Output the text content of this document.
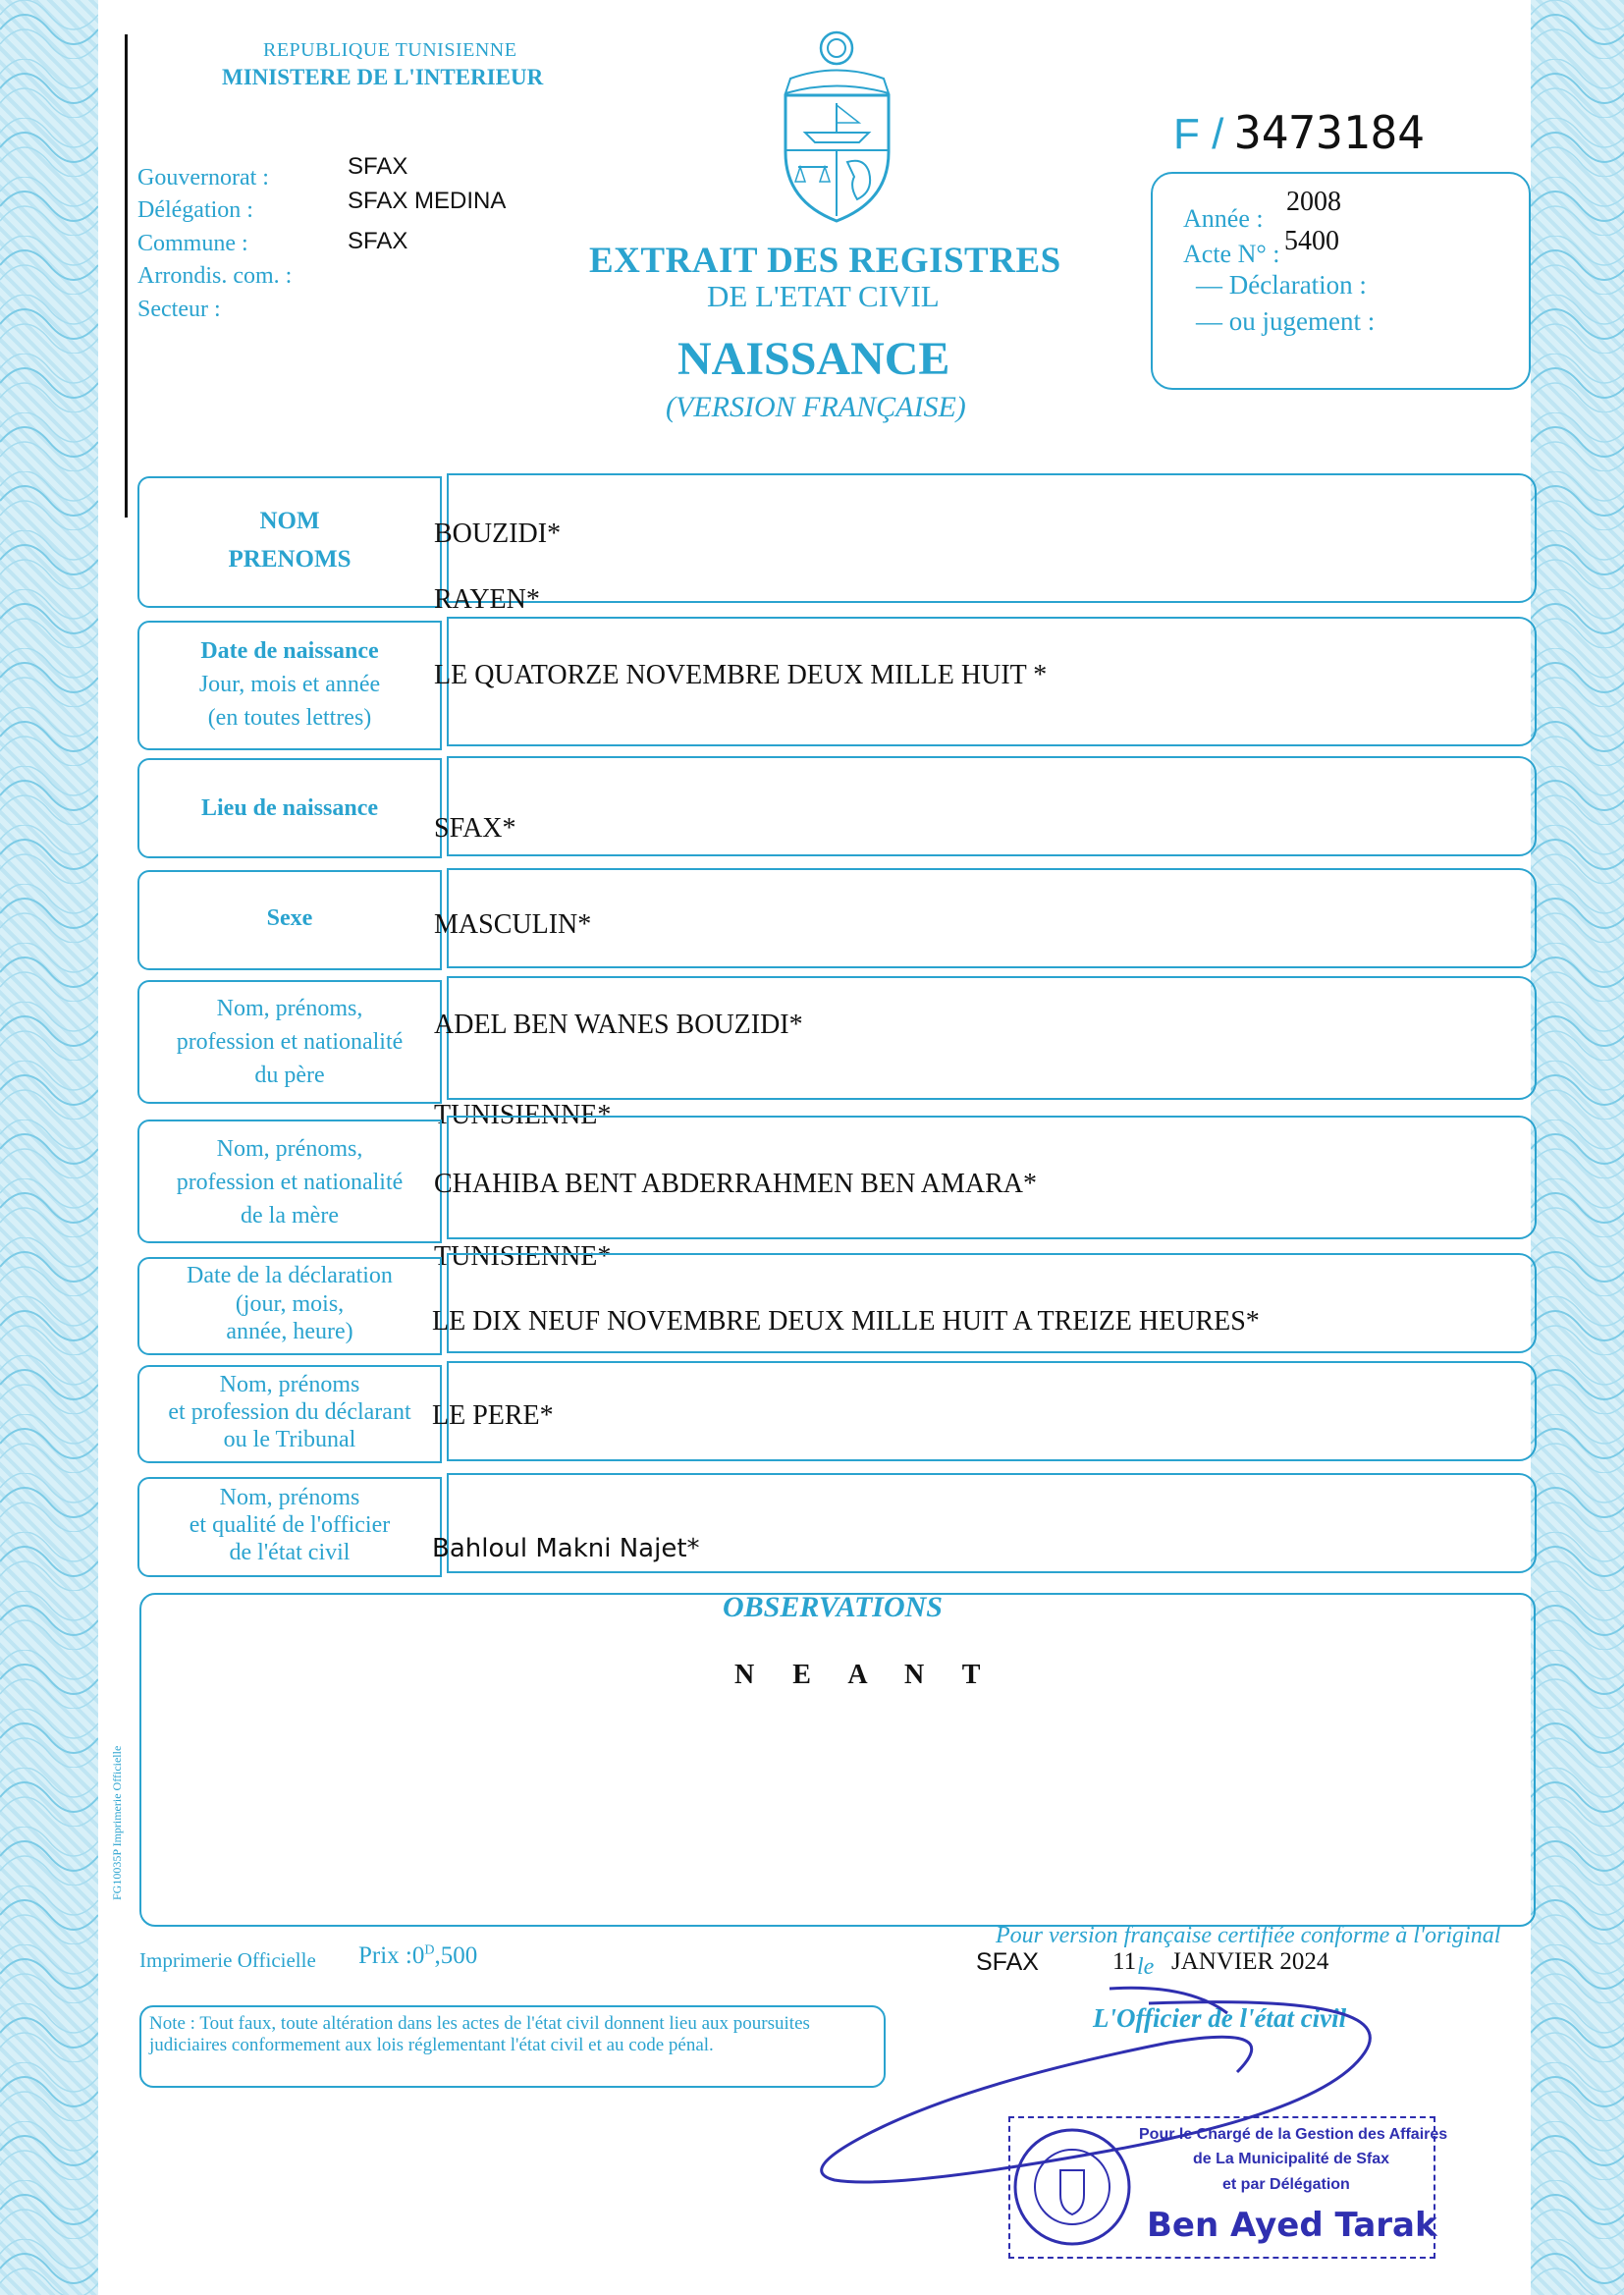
REPUBLIQUE TUNISIENNE
MINISTERE DE L'INTERIEUR
F / 3473184
Gouvernorat :	SFAX
Délégation :	SFAX MEDINA
Commune :	SFAX
Arrondis. com. :
Secteur :
EXTRAIT DES REGISTRES
DE L'ETAT CIVIL
NAISSANCE
(VERSION FRANÇAISE)
Année :
2008
Acte N° : 5400
— Déclaration :
— ou jugement :
NOM
PRENOMS
BOUZIDI*
RAYEN*
Date de naissance
Jour, mois et année
(en toutes lettres)
LE QUATORZE NOVEMBRE DEUX MILLE HUIT *
Lieu de naissance
SFAX*
Sexe	MASCULIN*
Nom, prénoms,
profession et nationalité
du père
ADEL BEN WANES BOUZIDI*
TUNISIENNE*
Nom, prénoms,
profession et nationalité
de la mère
CHAHIBA BENT ABDERRAHMEN BEN AMARA*
TUNISIENNE*
Date de la déclaration
(jour, mois,
année, heure)	LE DIX NEUF NOVEMBRE DEUX MILLE HUIT A TREIZE HEURES*
Nom, prénoms
et profession du déclarant
ou le Tribunal
LE PERE*
Nom, prénoms
et qualité de l'officier
de l'état civil	Bahloul Makni Najet*
OBSERVATIONS
N E A N T
FG10035P Imprimerie Officielle
Imprimerie Officielle Prix $:0^D,500$
Pour version française certifiée conforme à l'original
SFAX	11 le JANVIER 2024
L'Officier de l'état civil
Note : Tout faux, toute altération dans les actes de l'état civil donnent lieu aux poursuites judiciaires conformement aux lois réglementant l'état civil et au code pénal.
Pour le Chargé de la Gestion des Affaires
de La Municipalité de Sfax
et par Délégation
Ben Ayed Tarak
